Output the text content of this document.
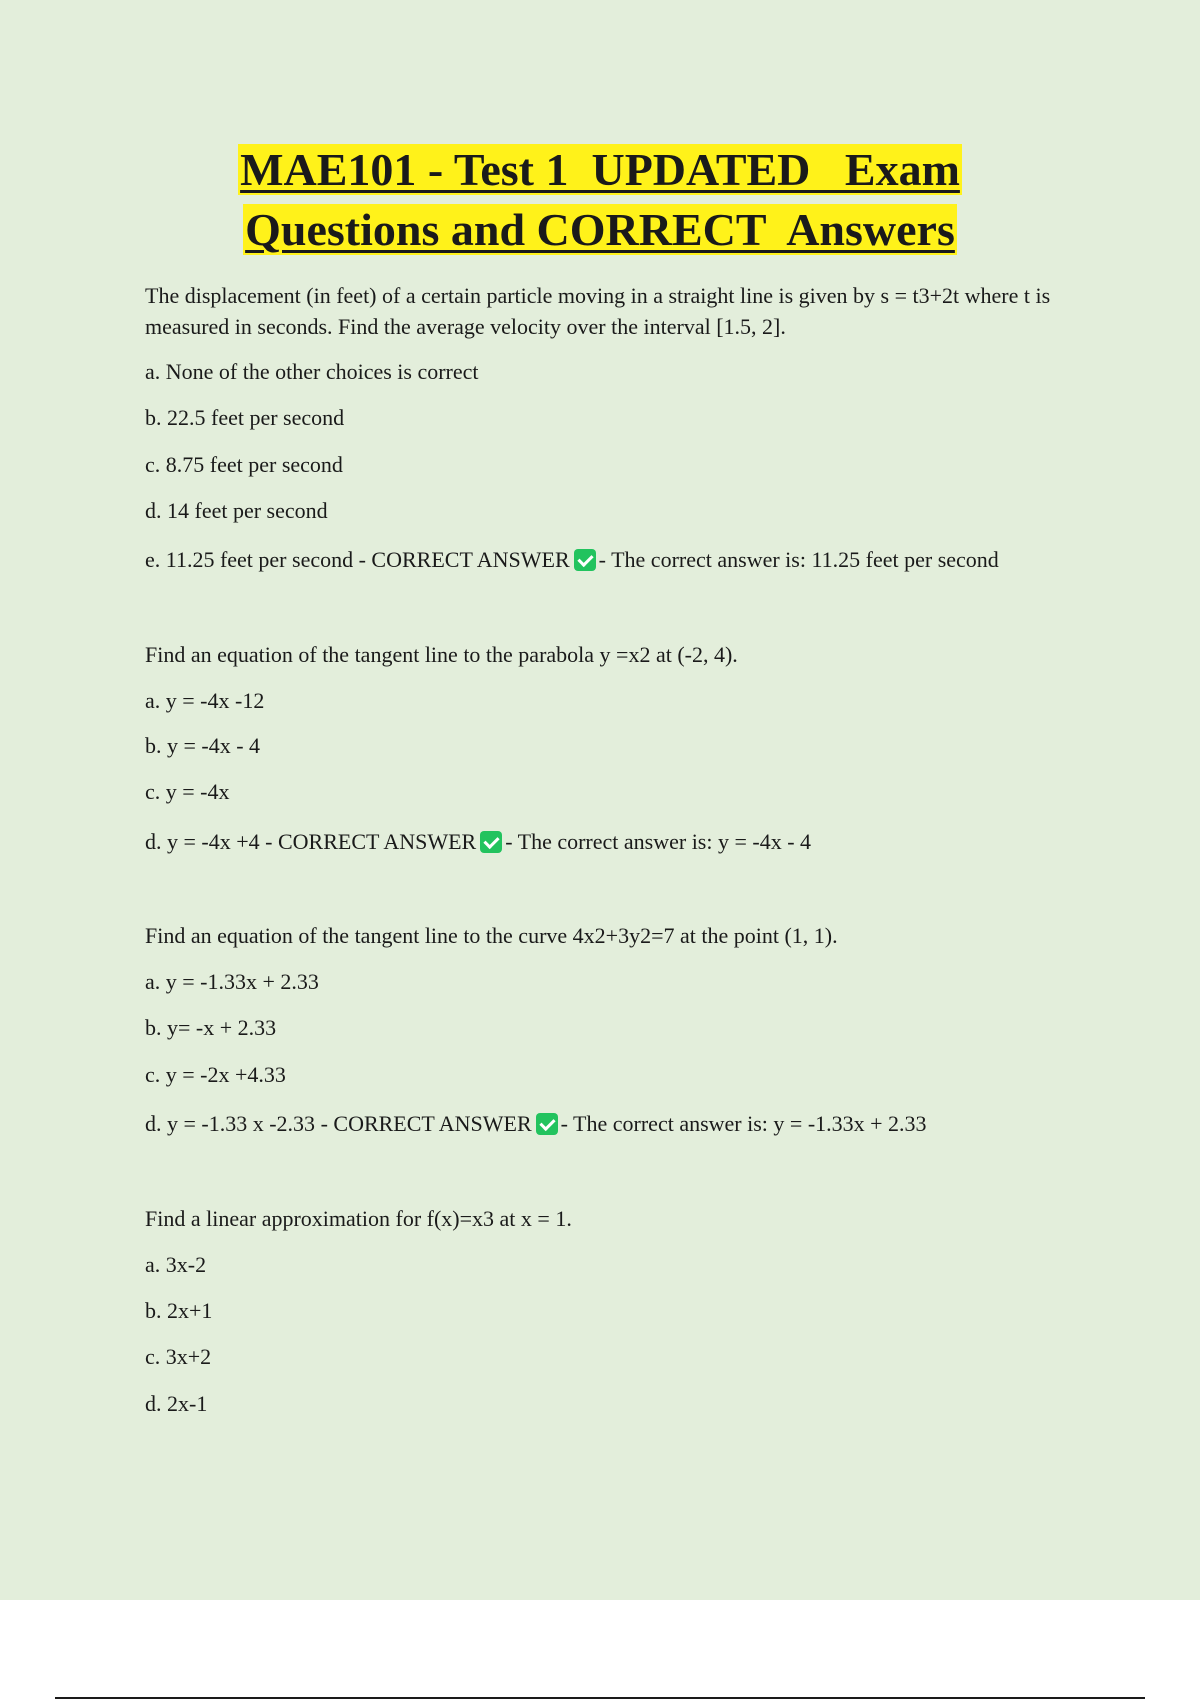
MAE101 - Test 1  UPDATED   Exam
Questions and CORRECT  Answers
The displacement (in feet) of a certain particle moving in a straight line is given by s = t3+2t where t is measured in seconds. Find the average velocity over the interval [1.5, 2].
a. None of the other choices is correct
b. 22.5 feet per second
c. 8.75 feet per second
d. 14 feet per second
e. 11.25 feet per second - CORRECT ANSWER - The correct answer is: 11.25 feet per second
Find an equation of the tangent line to the parabola y =x2 at (-2, 4).
a. y = -4x -12
b. y = -4x - 4
c. y = -4x
d. y = -4x +4 - CORRECT ANSWER - The correct answer is: y = -4x - 4
Find an equation of the tangent line to the curve 4x2+3y2=7 at the point (1, 1).
a. y = -1.33x + 2.33
b. y= -x + 2.33
c. y = -2x +4.33
d. y = -1.33 x -2.33 - CORRECT ANSWER - The correct answer is: y = -1.33x + 2.33
Find a linear approximation for f(x)=x3 at x = 1.
a. 3x-2
b. 2x+1
c. 3x+2
d. 2x-1
